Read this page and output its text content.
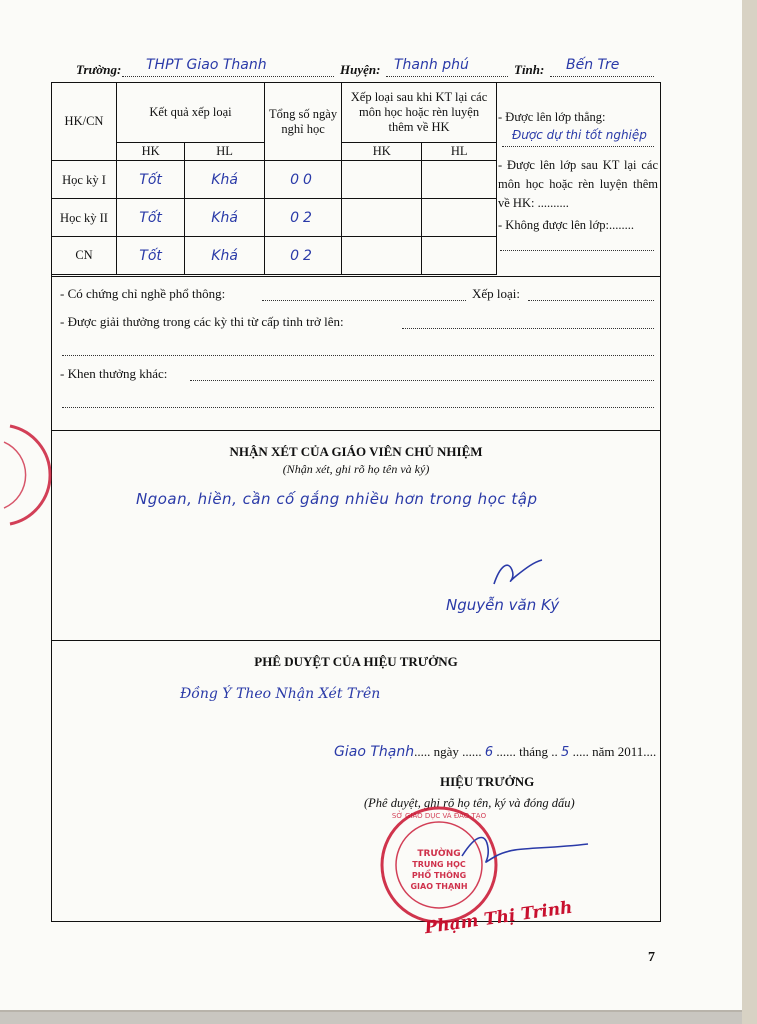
Trường: THPT Giao Thanh	Huyện: Thanh phú	Tỉnh: Bến Tre
HK/CN	Kết quả xếp loại		Tổng số ngày nghỉ học	Xếp loại sau khi KT lại các môn học hoặc rèn luyện thêm về HK	
	HK	HL		HK	HL
Học kỳ I	Tốt	Khá	00		
Học kỳ II	Tốt	Khá	02		
CN	Tốt	Khá	02		
- Được lên lớp thẳng:
Được dự thi tốt nghiệp
- Được lên lớp sau KT lại các môn học hoặc rèn luyện thêm về HK: ..........
- Không được lên lớp:........
- Có chứng chỉ nghề phổ thông:	Xếp loại:
- Được giải thưởng trong các kỳ thi từ cấp tỉnh trở lên:
- Khen thưởng khác:
NHẬN XÉT CỦA GIÁO VIÊN CHỦ NHIỆM
(Nhận xét, ghi rõ họ tên và ký)
Ngoan, hiền, cần cố gắng nhiều hơn trong học tập
Nguyễn văn Ký
PHÊ DUYỆT CỦA HIỆU TRƯỞNG
Đồng Ý Theo Nhận Xét Trên
Giao Thạnh..... ngày ...... 6 ...... tháng .. 5 ..... năm 2011....
HIỆU TRƯỞNG
(Phê duyệt, ghi rõ họ tên, ký và đóng dấu)
TRƯỜNG
TRUNG HỌC
PHỔ THÔNG
GIAO THẠNH
SỞ GIÁO DỤC VÀ ĐÀO TẠO
Phạm Thị Trinh
7
